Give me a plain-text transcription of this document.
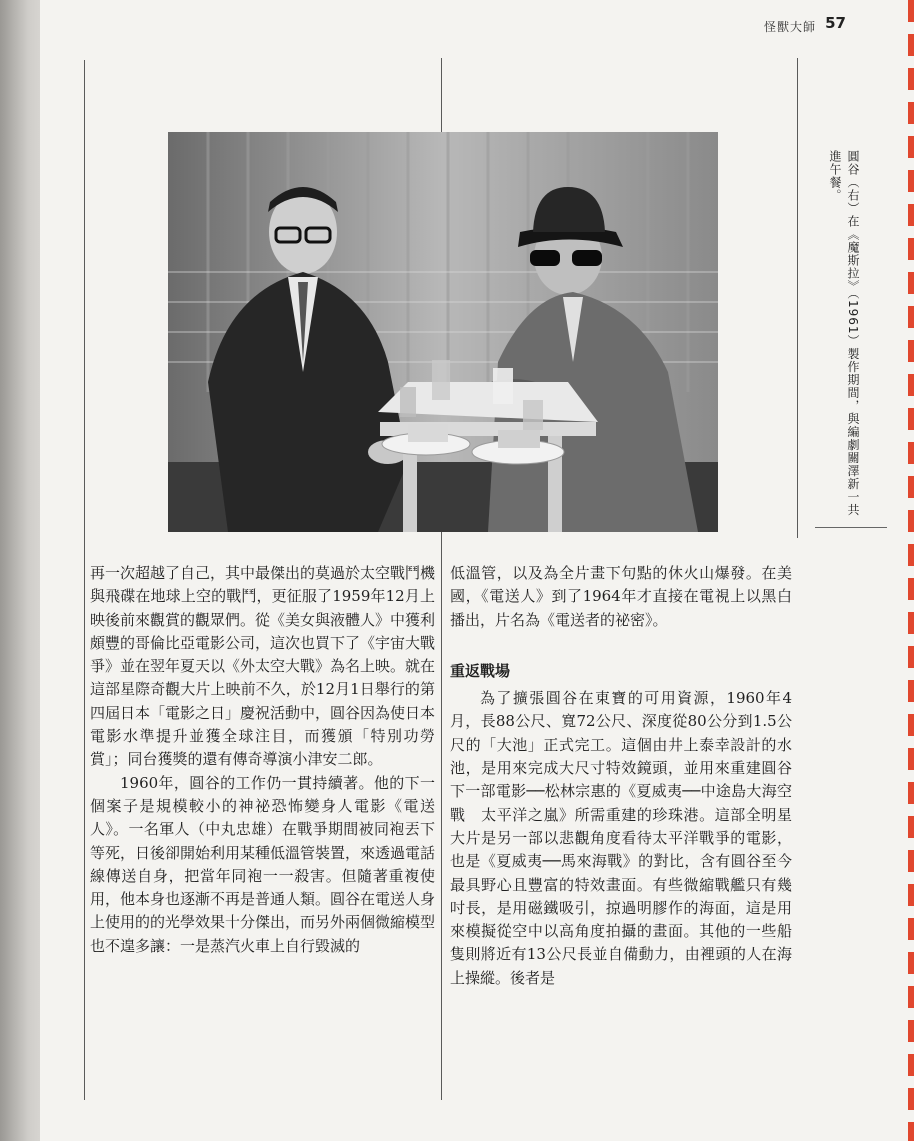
怪獸大師 57
圓谷（右）在《魔斯拉》（1961）製作期間，與編劇關澤新一共進午餐。

再一次超越了自己，其中最傑出的莫過於太空戰鬥機與飛碟在地球上空的戰鬥，更征服了1959年12月上映後前來觀賞的觀眾們。從《美女與液體人》中獲利頗豐的哥倫比亞電影公司，這次也買下了《宇宙大戰爭》並在翌年夏天以《外太空大戰》為名上映。就在這部星際奇觀大片上映前不久，於12月1日舉行的第四屆日本「電影之日」慶祝活動中，圓谷因為使日本電影水準提升並獲全球注目，而獲頒「特別功勞賞」；同台獲獎的還有傳奇導演小津安二郎。

1960年，圓谷的工作仍一貫持續著。他的下一個案子是規模較小的神祕恐怖變身人電影《電送人》。一名軍人（中丸忠雄）在戰爭期間被同袍丟下等死，日後卻開始利用某種低溫管裝置，來透過電話線傳送自身，把當年同袍一一殺害。但隨著重複使用，他本身也逐漸不再是普通人類。圓谷在電送人身上使用的的光學效果十分傑出，而另外兩個微縮模型也不遑多讓：一是蒸汽火車上自行毀滅的

低溫管，以及為全片畫下句點的休火山爆發。在美國，《電送人》到了1964年才直接在電視上以黑白播出，片名為《電送者的祕密》。

重返戰場

為了擴張圓谷在東寶的可用資源，1960年4月，長88公尺、寬72公尺、深度從80公分到1.5公尺的「大池」正式完工。這個由井上泰幸設計的水池，是用來完成大尺寸特效鏡頭，並用來重建圓谷下一部電影──松林宗惠的《夏威夷──中途島大海空戰　太平洋之嵐》所需重建的珍珠港。這部全明星大片是另一部以悲觀角度看待太平洋戰爭的電影，也是《夏威夷──馬來海戰》的對比，含有圓谷至今最具野心且豐富的特效畫面。有些微縮戰艦只有幾吋長，是用磁鐵吸引，掠過明膠作的海面，這是用來模擬從空中以高角度拍攝的畫面。其他的一些船隻則將近有13公尺長並自備動力，由裡頭的人在海上操縱。後者是
